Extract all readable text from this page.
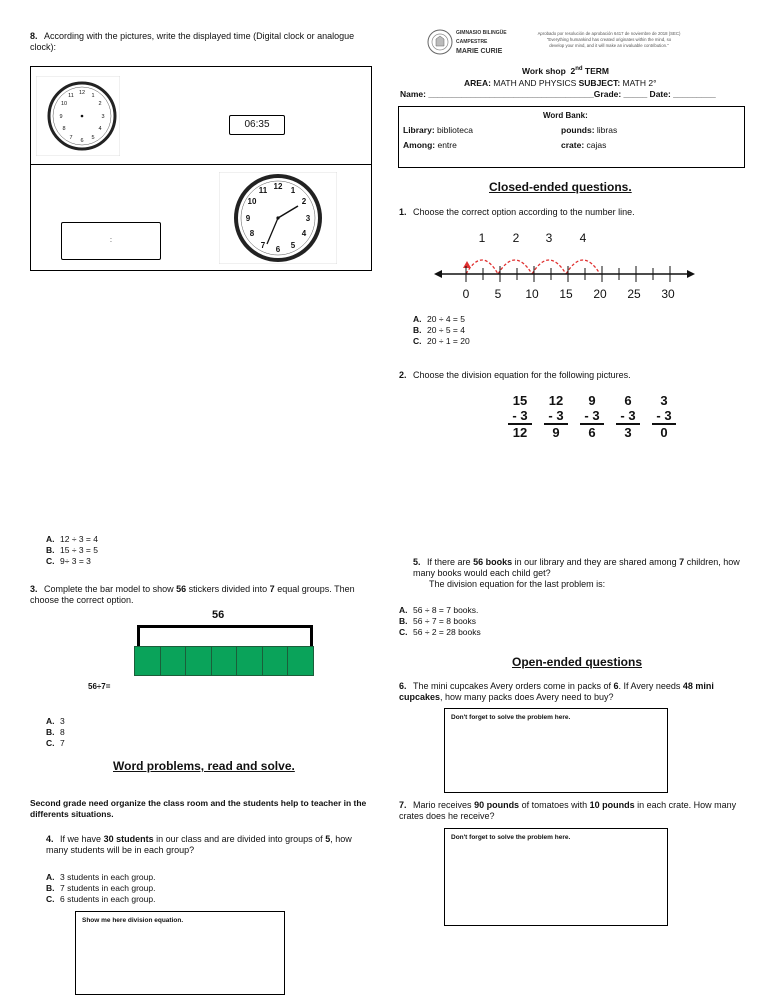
8. According with the pictures, write the displayed time (Digital clock or analogue clock):
12 1
2
3
4
5
6
7
8
9
10
11
06:35
:
12 1
2
3
4
5
6
7
8
9
10
11
A. 12 ÷ 3 = 4
B. 15 ÷ 3 = 5
C. 9÷ 3 = 3
3. Complete the bar model to show 56 stickers divided into 7 equal groups. Then choose the correct option.
56
56÷7=
A. 3
B. 8
C. 7
Word problems, read and solve.
Second grade need organize the class room and the students help to teacher in the differents situations.
4. If we have 30 students in our class and are divided into groups of 5, how many students will be in each group?
A. 3 students in each group.
B. 7 students in each group.
C. 6 students in each group.
Show me here division equation.
GIMNASIO BILINGÜE
CAMPESTRE
MARIE CURIE
Aprobado por resolución de aprobación 6417 de noviembre de 2018 (SEC)
"Everything humankind has created originates within the mind, so
develop your mind, and it will make an invaluable contribution."
Work shop  2nd TERM
AREA: MATH AND PHYSICS SUBJECT: MATH 2°
Name: ___________________________________Grade: _____ Date: _________
Word Bank:
Library: biblioteca	pounds: libras
Among: entre	crate: cajas
Closed-ended questions.
1. Choose the correct option according to the number line.
1 2 3 4
0 5 10 15 20 25 30
A. 20 ÷ 4 = 5
B. 20 ÷ 5 = 4
C. 20 ÷ 1 = 20
2. Choose the division equation for the following pictures.
15
- 3
12
12
- 3
9
9
- 3
6
6
- 3
3
3
- 3
0
5. If there are 56 books in our library and they are shared among 7 children, how many books would each child get?
The division equation for the last problem is:
A. 56 ÷ 8 = 7 books.
B. 56 ÷ 7 = 8 books
C. 56 ÷ 2 = 28 books
Open-ended questions
6. The mini cupcakes Avery orders come in packs of 6. If Avery needs 48 mini cupcakes, how many packs does Avery need to buy?
Don't forget to solve the problem here.
7. Mario receives 90 pounds of tomatoes with 10 pounds in each crate. How many crates does he receive?
Don't forget to solve the problem here.
